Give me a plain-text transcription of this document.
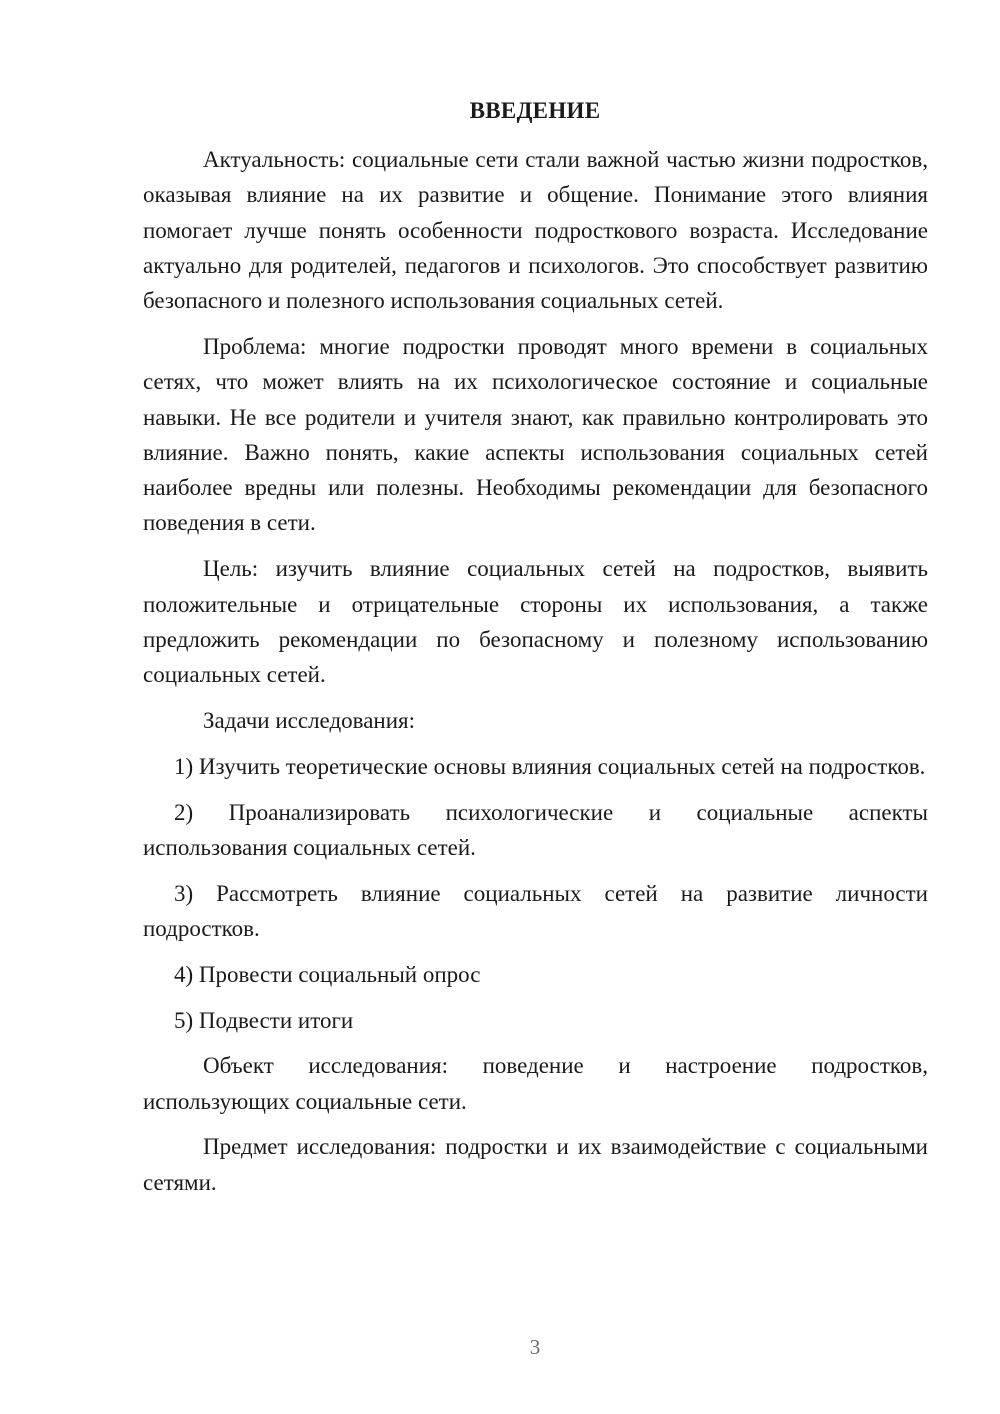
ВВЕДЕНИЕ

Актуальность: социальные сети стали важной частью жизни подростков, оказывая влияние на их развитие и общение. Понимание этого влияния помогает лучше понять особенности подросткового возраста. Исследование актуально для родителей, педагогов и психологов. Это способствует развитию безопасного и полезного использования социальных сетей.

Проблема: многие подростки проводят много времени в социальных сетях, что может влиять на их психологическое состояние и социальные навыки. Не все родители и учителя знают, как правильно контролировать это влияние. Важно понять, какие аспекты использования социальных сетей наиболее вредны или полезны. Необходимы рекомендации для безопасного поведения в сети.

Цель: изучить влияние социальных сетей на подростков, выявить положительные и отрицательные стороны их использования, а также предложить рекомендации по безопасному и полезному использованию социальных сетей.

Задачи исследования:

1) Изучить теоретические основы влияния социальных сетей на подростков.

2) Проанализировать психологические и социальные аспекты использования социальных сетей.

3) Рассмотреть влияние социальных сетей на развитие личности подростков.

4) Провести социальный опрос

5) Подвести итоги

Объект исследования: поведение и настроение подростков, использующих социальные сети.

Предмет исследования: подростки и их взаимодействие с социальными сетями.

3
